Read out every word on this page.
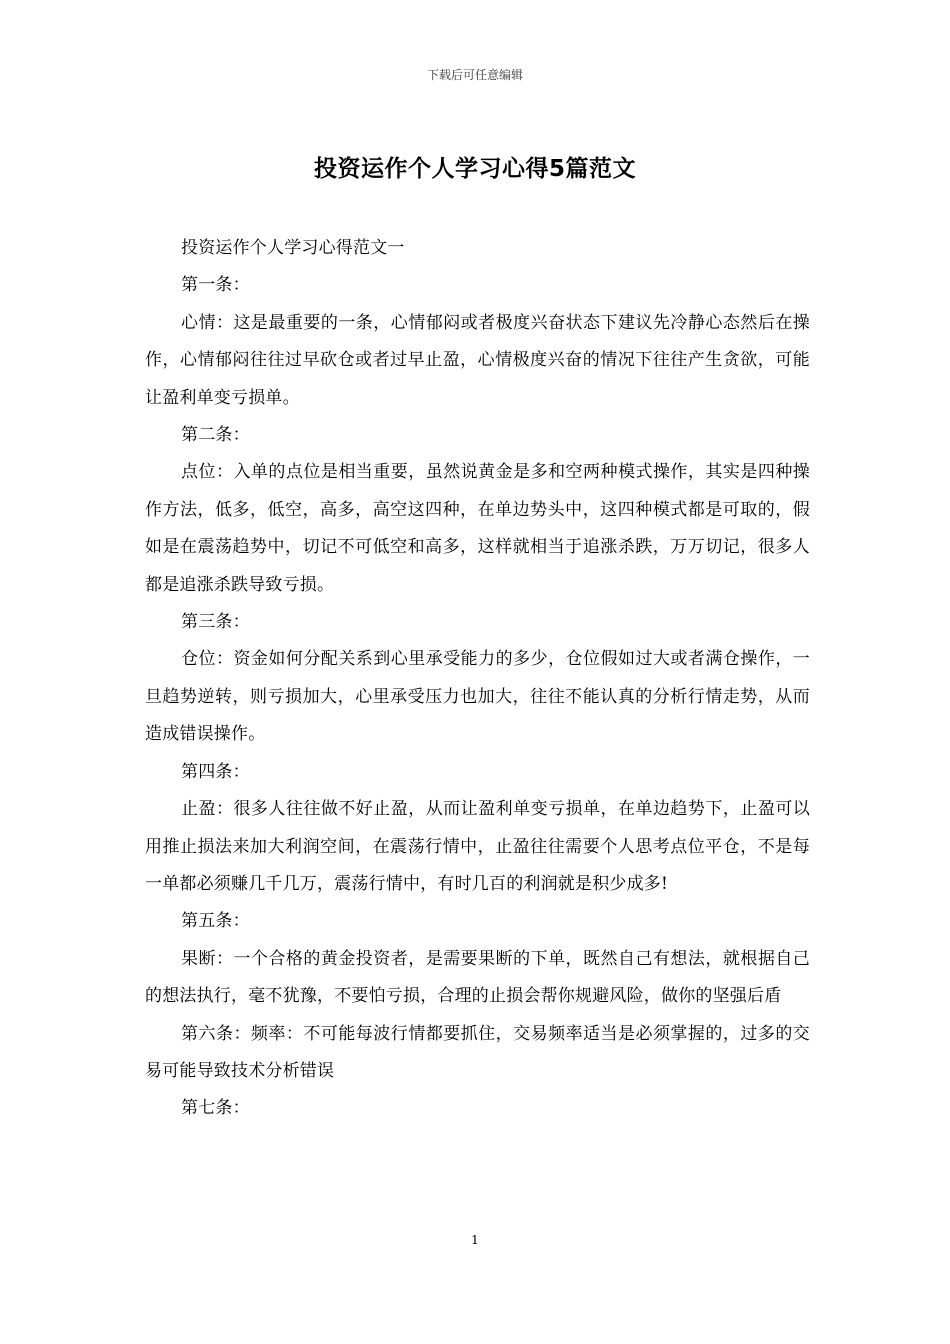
下载后可任意编辑
投资运作个人学习心得5篇范文

投资运作个人学习心得范文一

第一条：

心情：这是最重要的一条，心情郁闷或者极度兴奋状态下建议先冷静心态然后在操作，心情郁闷往往过早砍仓或者过早止盈，心情极度兴奋的情况下往往产生贪欲，可能让盈利单变亏损单。

第二条：

点位：入单的点位是相当重要，虽然说黄金是多和空两种模式操作，其实是四种操作方法，低多，低空，高多，高空这四种，在单边势头中，这四种模式都是可取的，假如是在震荡趋势中，切记不可低空和高多，这样就相当于追涨杀跌，万万切记，很多人都是追涨杀跌导致亏损。

第三条：

仓位：资金如何分配关系到心里承受能力的多少，仓位假如过大或者满仓操作，一旦趋势逆转，则亏损加大，心里承受压力也加大，往往不能认真的分析行情走势，从而造成错误操作。

第四条：

止盈：很多人往往做不好止盈，从而让盈利单变亏损单，在单边趋势下，止盈可以用推止损法来加大利润空间，在震荡行情中，止盈往往需要个人思考点位平仓，不是每一单都必须赚几千几万，震荡行情中，有时几百的利润就是积少成多!

第五条：

果断：一个合格的黄金投资者，是需要果断的下单，既然自己有想法，就根据自己的想法执行，毫不犹豫，不要怕亏损，合理的止损会帮你规避风险，做你的坚强后盾

第六条：频率：不可能每波行情都要抓住，交易频率适当是必须掌握的，过多的交易可能导致技术分析错误

第七条：

1
